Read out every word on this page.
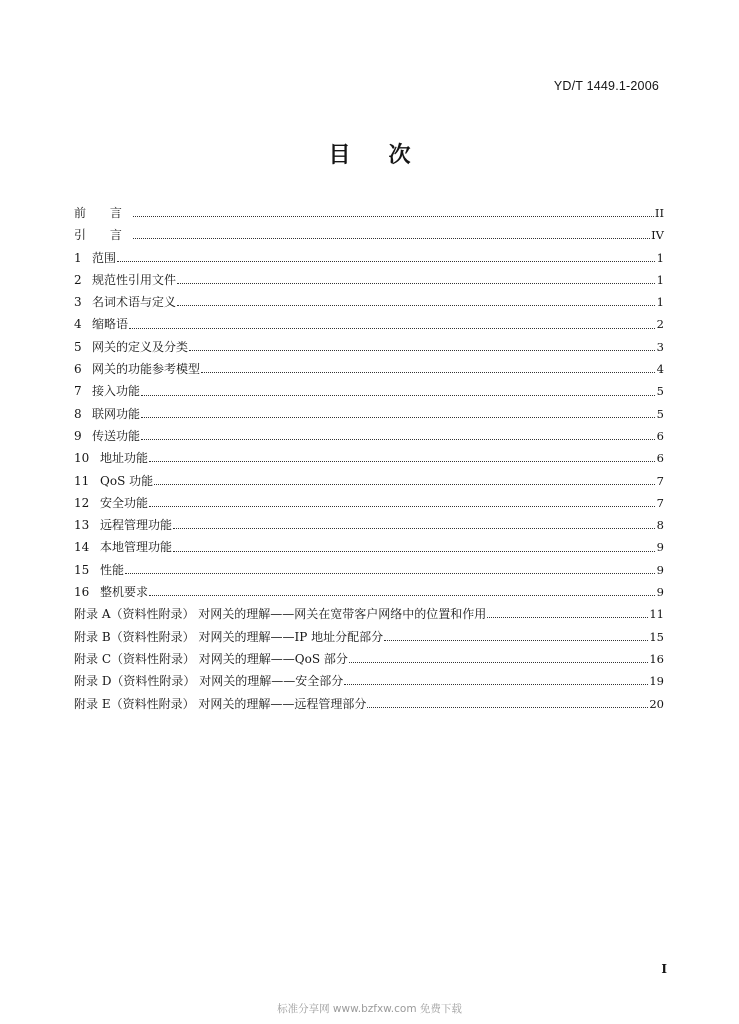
YD/T 1449.1-2006
目 次
前 言	II
引 言	IV
1 范围	1
2 规范性引用文件	1
3 名词术语与定义	1
4 缩略语	2
5 网关的定义及分类	3
6 网关的功能参考模型	4
7 接入功能	5
8 联网功能	5
9 传送功能	6
10 地址功能	6
11 QoS 功能	7
12 安全功能	7
13 远程管理功能	8
14 本地管理功能	9
15 性能	9
16 整机要求	9
附录 A（资料性附录） 对网关的理解——网关在宽带客户网络中的位置和作用	11
附录 B（资料性附录） 对网关的理解——IP 地址分配部分	15
附录 C（资料性附录） 对网关的理解——QoS 部分	16
附录 D（资料性附录） 对网关的理解——安全部分	19
附录 E（资料性附录） 对网关的理解——远程管理部分	20
I
标准分享网 www.bzfxw.com 免费下载
